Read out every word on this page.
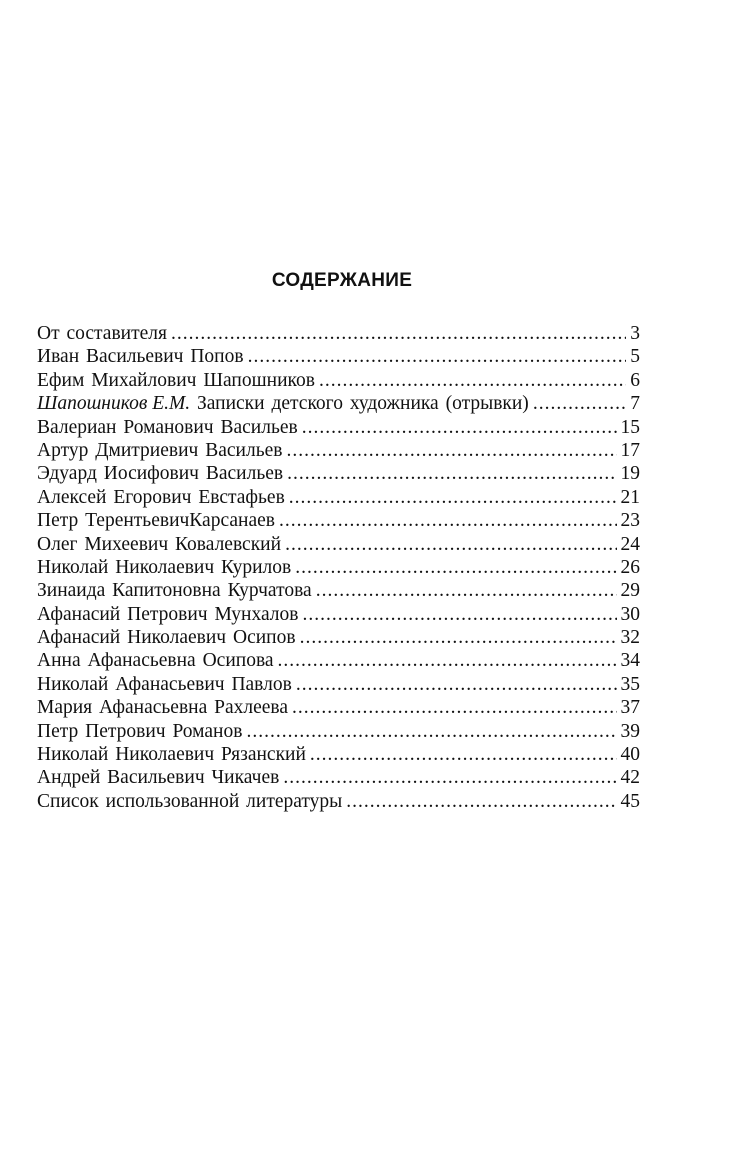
СОДЕРЖАНИЕ
От составителя .....	3
Иван Васильевич Попов .....	5
Ефим Михайлович Шапошников .....	6
Шапошников Е.М. Записки детского художника (отрывки) .....	7
Валериан Романович Васильев .....	15
Артур Дмитриевич Васильев .....	17
Эдуард Иосифович Васильев .....	19
Алексей Егорович Евстафьев .....	21
Петр ТерентьевичКарсанаев .....	23
Олег Михеевич Ковалевский .....	24
Николай Николаевич Курилов .....	26
Зинаида Капитоновна Курчатова .....	29
Афанасий Петрович Мунхалов .....	30
Афанасий Николаевич Осипов .....	32
Анна Афанасьевна Осипова .....	34
Николай Афанасьевич Павлов .....	35
Мария Афанасьевна Рахлеева .....	37
Петр Петрович Романов .....	39
Николай Николаевич Рязанский .....	40
Андрей Васильевич Чикачев .....	42
Список использованной литературы .....	45
